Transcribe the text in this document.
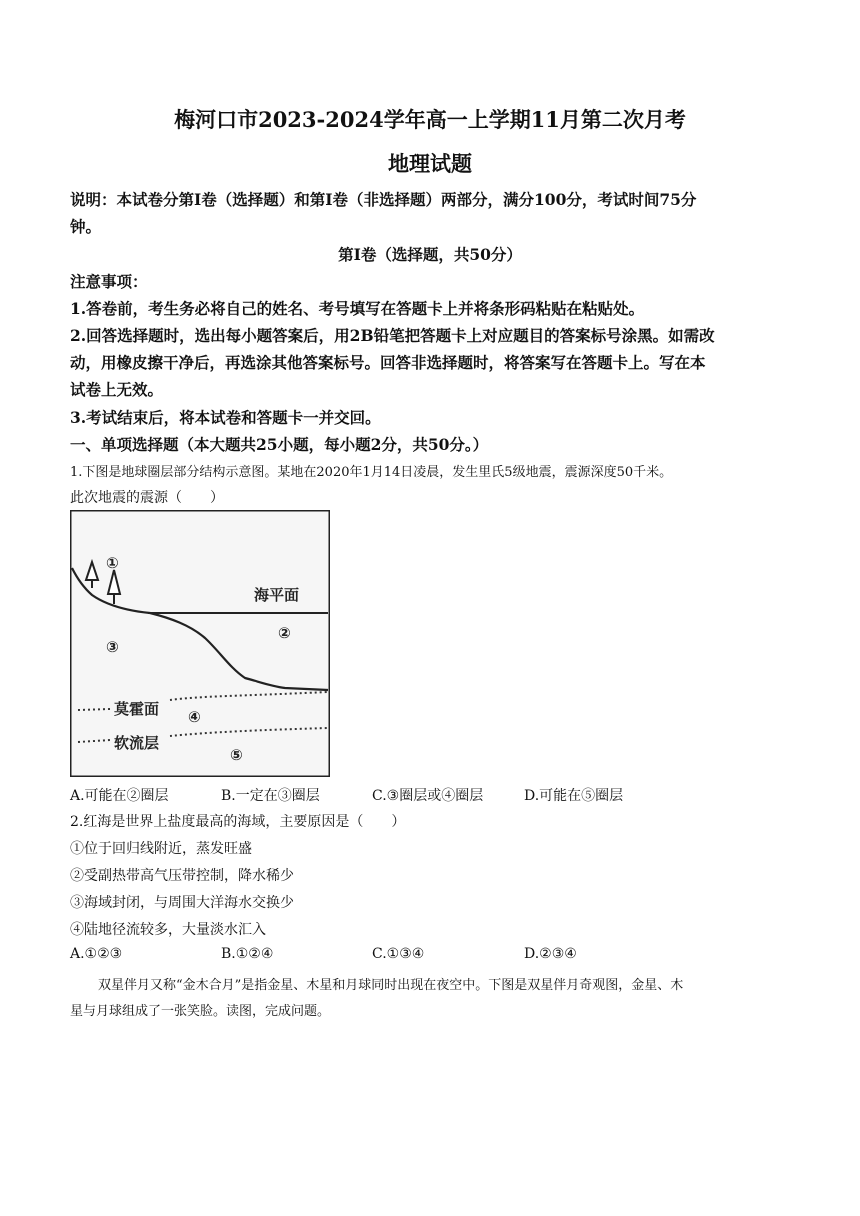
梅河口市2023-2024学年高一上学期11月第二次月考
地理试题
说明：本试卷分第Ⅰ卷（选择题）和第Ⅰ卷（非选择题）两部分，满分100分，考试时间75分
钟。
第Ⅰ卷（选择题，共50分）
注意事项：
1.答卷前，考生务必将自己的姓名、考号填写在答题卡上并将条形码粘贴在粘贴处。
2.回答选择题时，选出每小题答案后，用2B铅笔把答题卡上对应题目的答案标号涂黑。如需改
动，用橡皮擦干净后，再选涂其他答案标号。回答非选择题时，将答案写在答题卡上。写在本
试卷上无效。
3.考试结束后，将本试卷和答题卡一并交回。
一、单项选择题（本大题共25小题，每小题2分，共50分。）
1.下图是地球圈层部分结构示意图。某地在2020年1月14日凌晨，发生里氏5级地震，震源深度50千米。
此次地震的震源（　　）
①
②
③
④
⑤
海平面
莫霍面
软流层
A.可能在②圈层	B.一定在③圈层	C.③圈层或④圈层	D.可能在⑤圈层
2.红海是世界上盐度最高的海域，主要原因是（　　）
①位于回归线附近，蒸发旺盛
②受副热带高气压带控制，降水稀少
③海域封闭，与周围大洋海水交换少
④陆地径流较多，大量淡水汇入
A.①②③	B.①②④	C.①③④	D.②③④
双星伴月又称“金木合月”是指金星、木星和月球同时出现在夜空中。下图是双星伴月奇观图，金星、木
星与月球组成了一张笑脸。读图，完成问题。
